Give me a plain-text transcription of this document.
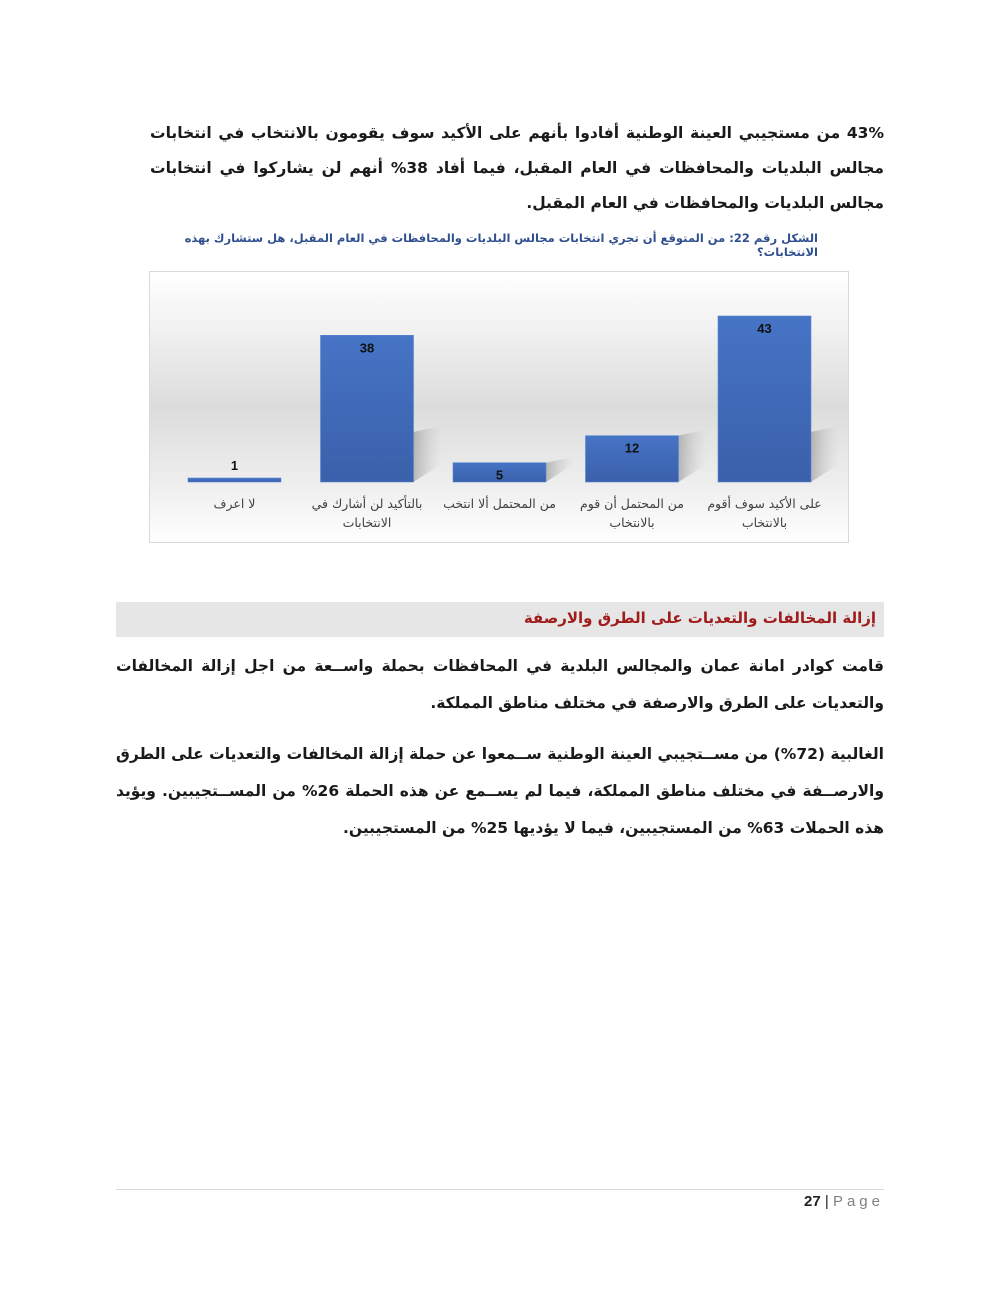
43% من مستجيبي العينة الوطنية أفادوا بأنهم على الأكيد سوف يقومون بالانتخاب في انتخابات مجالس البلديات والمحافظات في العام المقبل، فيما أفاد 38% أنهم لن يشاركوا في انتخابات مجالس البلديات والمحافظات في العام المقبل.
الشكل رقم 22: من المتوقع أن تجري انتخابات مجالس البلديات والمحافظات في العام المقبل، هل ستشارك بهذه الانتخابات؟
43
12
5
38
1
على الأكيد سوف أقوم
بالانتخاب
من المحتمل أن قوم
بالانتخاب
من المحتمل ألا انتخب
بالتأكيد لن أشارك في
الانتخابات
لا اعرف
إزالة المخالفات والتعديات على الطرق والارصفة
قامت كوادر امانة عمان والمجالس البلدية في المحافظات بحملة واســعة من اجل إزالة المخالفات والتعديات على الطرق والارصفة في مختلف مناطق المملكة.
الغالبية (72%) من مســتجيبي العينة الوطنية ســمعوا عن حملة إزالة المخالفات والتعديات على الطرق والارصــفة في مختلف مناطق المملكة، فيما لم يســمع عن هذه الحملة 26% من المســتجيبين. ويؤيد هذه الحملات 63% من المستجيبين، فيما لا يؤديها 25% من المستجيبين.
27 | Page
